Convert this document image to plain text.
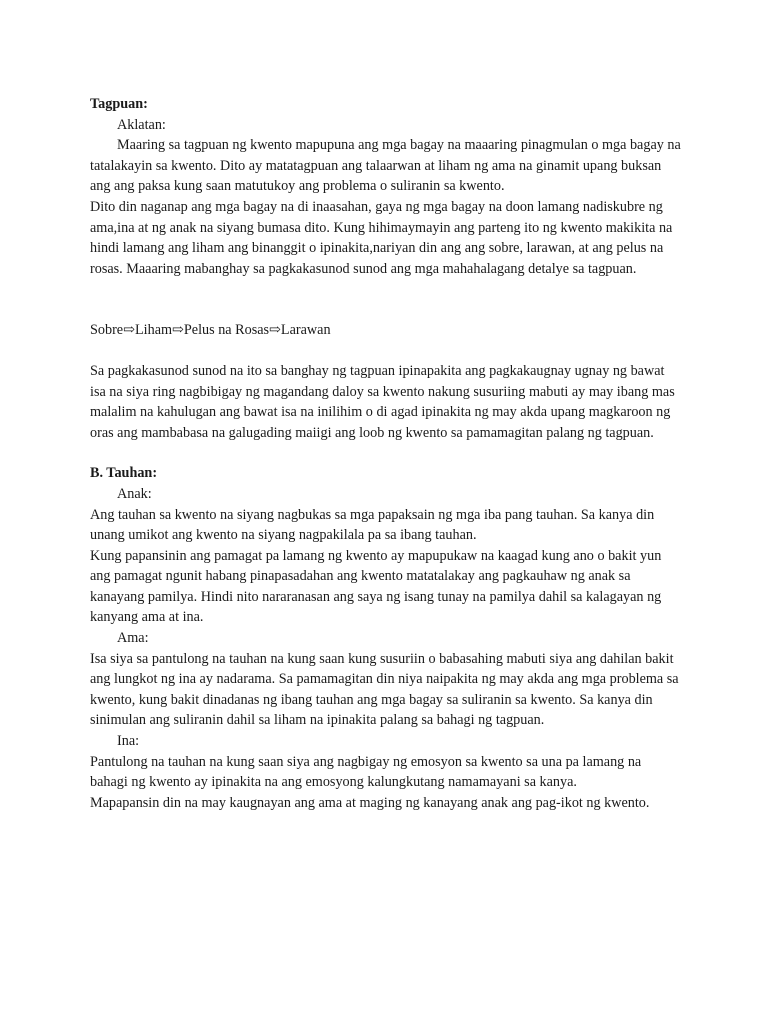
Tagpuan:

Aklatan:

Maaring sa tagpuan ng kwento mapupuna ang mga bagay na maaaring pinagmulan o mga bagay na tatalakayin sa kwento. Dito ay matatagpuan ang talaarwan at liham ng ama na ginamit upang buksan ang ang paksa kung saan matutukoy ang problema o suliranin sa kwento.

Dito din naganap ang mga bagay na di inaasahan, gaya ng mga bagay na doon lamang nadiskubre ng ama,ina at ng anak na siyang bumasa dito. Kung hihimaymayin ang parteng ito ng kwento makikita na hindi lamang ang liham ang binanggit o ipinakita,nariyan din ang ang sobre, larawan, at ang pelus na rosas. Maaaring mabanghay sa pagkakasunod sunod ang mga mahahalagang detalye sa tagpuan.

Sobre⇨Liham⇨Pelus na Rosas⇨Larawan

Sa pagkakasunod sunod na ito sa banghay ng tagpuan ipinapakita ang pagkakaugnay ugnay ng bawat isa na siya ring nagbibigay ng magandang daloy sa kwento nakung susuriing mabuti ay may ibang mas malalim na kahulugan ang bawat isa na inilihim o di agad ipinakita ng may akda upang magkaroon ng oras ang mambabasa na galugading maiigi ang loob ng kwento sa pamamagitan palang ng tagpuan.

B. Tauhan:

Anak:

Ang tauhan sa kwento na siyang nagbukas sa mga papaksain ng mga iba pang tauhan. Sa kanya din unang umikot ang kwento na siyang nagpakilala pa sa ibang tauhan.

Kung papansinin ang pamagat pa lamang ng kwento ay mapupukaw na kaagad kung ano o bakit yun ang pamagat ngunit habang pinapasadahan ang kwento matatalakay ang pagkauhaw ng anak sa kanayang pamilya. Hindi nito nararanasan ang saya ng isang tunay na pamilya dahil sa kalagayan ng kanyang ama at ina.

Ama:

Isa siya sa pantulong na tauhan na kung saan kung susuriin o babasahing mabuti siya ang dahilan bakit ang lungkot ng ina ay nadarama. Sa pamamagitan din niya naipakita ng may akda ang mga problema sa kwento, kung bakit dinadanas ng ibang tauhan ang mga bagay sa suliranin sa kwento. Sa kanya din sinimulan ang suliranin dahil sa liham na ipinakita palang sa bahagi ng tagpuan.

Ina:

Pantulong na tauhan na kung saan siya ang nagbigay ng emosyon sa kwento sa una pa lamang na bahagi ng kwento ay ipinakita na ang emosyong kalungkutang namamayani sa kanya.

Mapapansin din na may kaugnayan ang ama at maging ng kanayang anak ang pag-ikot ng kwento.
